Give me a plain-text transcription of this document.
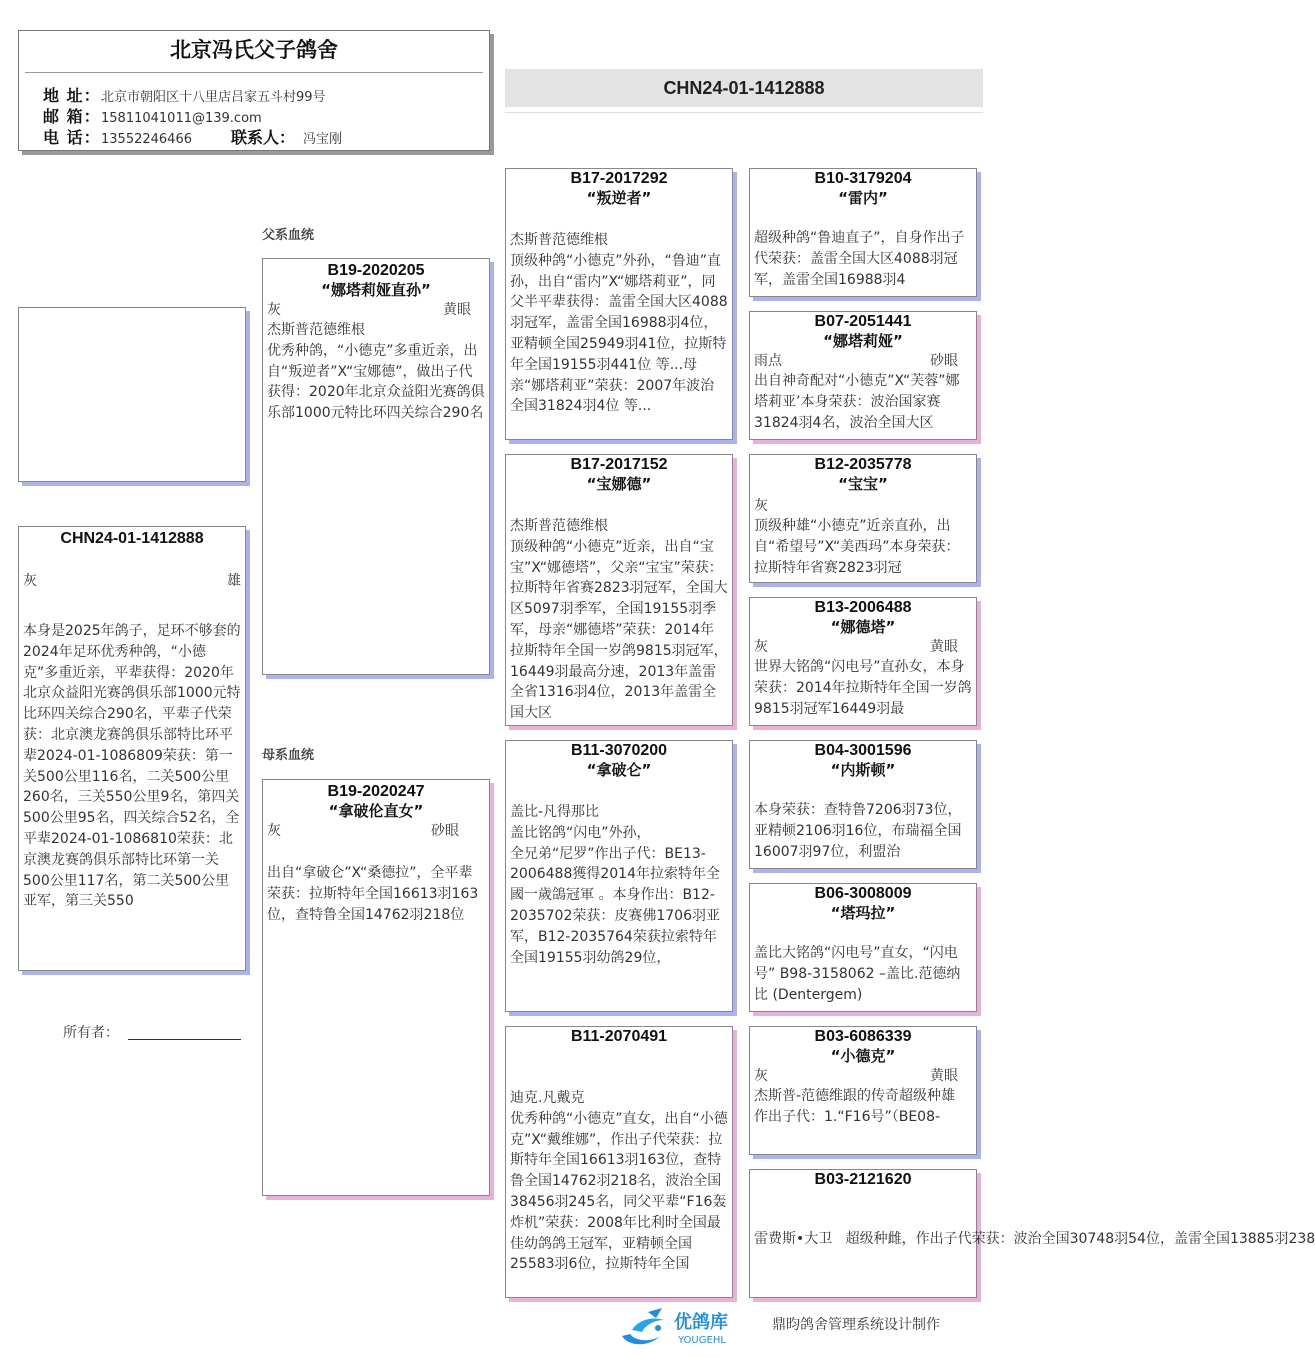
北京冯氏父子鸽舍
地 址：北京市朝阳区十八里店吕家五斗村99号
邮 箱：15811041011@139.com
电 话：13552246466 联系人： 冯宝刚
CHN24-01-1412888
父系血统
母系血统
CHN24-01-1412888
灰	雄
本身是2025年鸽子，足环不够套的2024年足环优秀种鸽，“小德克”多重近亲，平辈获得：2020年北京众益阳光赛鸽俱乐部1000元特比环四关综合290名，平辈子代荣获：北京澳龙赛鸽俱乐部特比环平辈2024-01-1086809荣获：第一关500公里116名，二关500公里260名，三关550公里9名，第四关500公里95名，四关综合52名，全平辈2024-01-1086810荣获：北京澳龙赛鸽俱乐部特比环第一关500公里117名，第二关500公里亚军，第三关550
所有者：
B19-2020205
“娜塔莉娅直孙”
灰	黄眼
杰斯普范德维根
优秀种鸽，“小德克”多重近亲，出自“叛逆者”X“宝娜德”，做出子代获得：2020年北京众益阳光赛鸽俱乐部1000元特比环四关综合290名
B19-2020247
“拿破伦直女”
灰	砂眼
出自“拿破仑”X“桑德拉”，全平辈荣获：拉斯特年全国16613羽163位，查特鲁全国14762羽218位
B17-2017292
“叛逆者”
杰斯普范德维根
顶级种鸽“小德克”外孙，“鲁迪”直孙，出自“雷内”X“娜塔莉亚”，同父半平辈获得：盖雷全国大区4088羽冠军，盖雷全国16988羽4位，亚精顿全国25949羽41位，拉斯特年全国19155羽441位 等...母亲“娜塔莉亚”荣获：2007年波治全国31824羽4位 等...
B17-2017152
“宝娜德”
杰斯普范德维根
顶级种鸽“小德克”近亲，出自“宝宝”X“娜德塔”，父亲“宝宝”荣获：拉斯特年省赛2823羽冠军，全国大区5097羽季军，全国19155羽季军，母亲“娜德塔”荣获：2014年拉斯特年全国一岁鸽9815羽冠军，16449羽最高分速，2013年盖雷全省1316羽4位，2013年盖雷全国大区
B11-3070200
“拿破仑”
盖比-凡得那比
盖比铭鸽“闪电”外孙，
全兄弟“尼罗”作出子代：BE13-2006488獲得2014年拉索特年全國一歲鴿冠軍 。本身作出：B12-2035702荣获：皮赛佛1706羽亚军，B12-2035764荣获拉索特年全国19155羽幼鸽29位，
B11-2070491
迪克.凡戴克
优秀种鸽“小德克”直女，出自“小德克”X“戴维娜”，作出子代荣获：拉斯特年全国16613羽163位，查特鲁全国14762羽218名，波治全国38456羽245名，同父平辈“F16轰炸机”荣获：2008年比利时全国最佳幼鸽鸽王冠军，亚精顿全国25583羽6位，拉斯特年全国
B10-3179204
“雷内”
超级种鸽“鲁迪直子”，自身作出子代荣获：盖雷全国大区4088羽冠军，盖雷全国16988羽4
B07-2051441
“娜塔莉娅”
雨点	砂眼
出自神奇配对“小德克”X“芙蓉”娜塔莉亚’本身荣获：波治国家赛31824羽4名，波治全国大区
B12-2035778
“宝宝”
灰
顶级种雄“小德克”近亲直孙，出自“希望号”X“美西玛”本身荣获：拉斯特年省赛2823羽冠
B13-2006488
“娜德塔”
灰	黄眼
世界大铭鸽“闪电号”直孙女，本身荣获：2014年拉斯特年全国一岁鸽9815羽冠军16449羽最
B04-3001596
“内斯顿”
本身荣获：查特鲁7206羽73位，亚精顿2106羽16位，布瑞福全国16007羽97位，利盟治
B06-3008009
“塔玛拉”
盖比大铭鸽“闪电号”直女，“闪电号” B98-3158062 –盖比.范德纳比 (Dentergem)
B03-6086339
“小德克”
灰	黄眼
杰斯普-范德维跟的传奇超级种雄
作出子代：1.“F16号”（BE08-
B03-2121620
雷费斯•大卫   超级种雌，作出子代荣获：波治全国30748羽54位，盖雷全国13885羽238
优鸽库
YOUGEHL
鼎昀鸽舍管理系统设计制作
